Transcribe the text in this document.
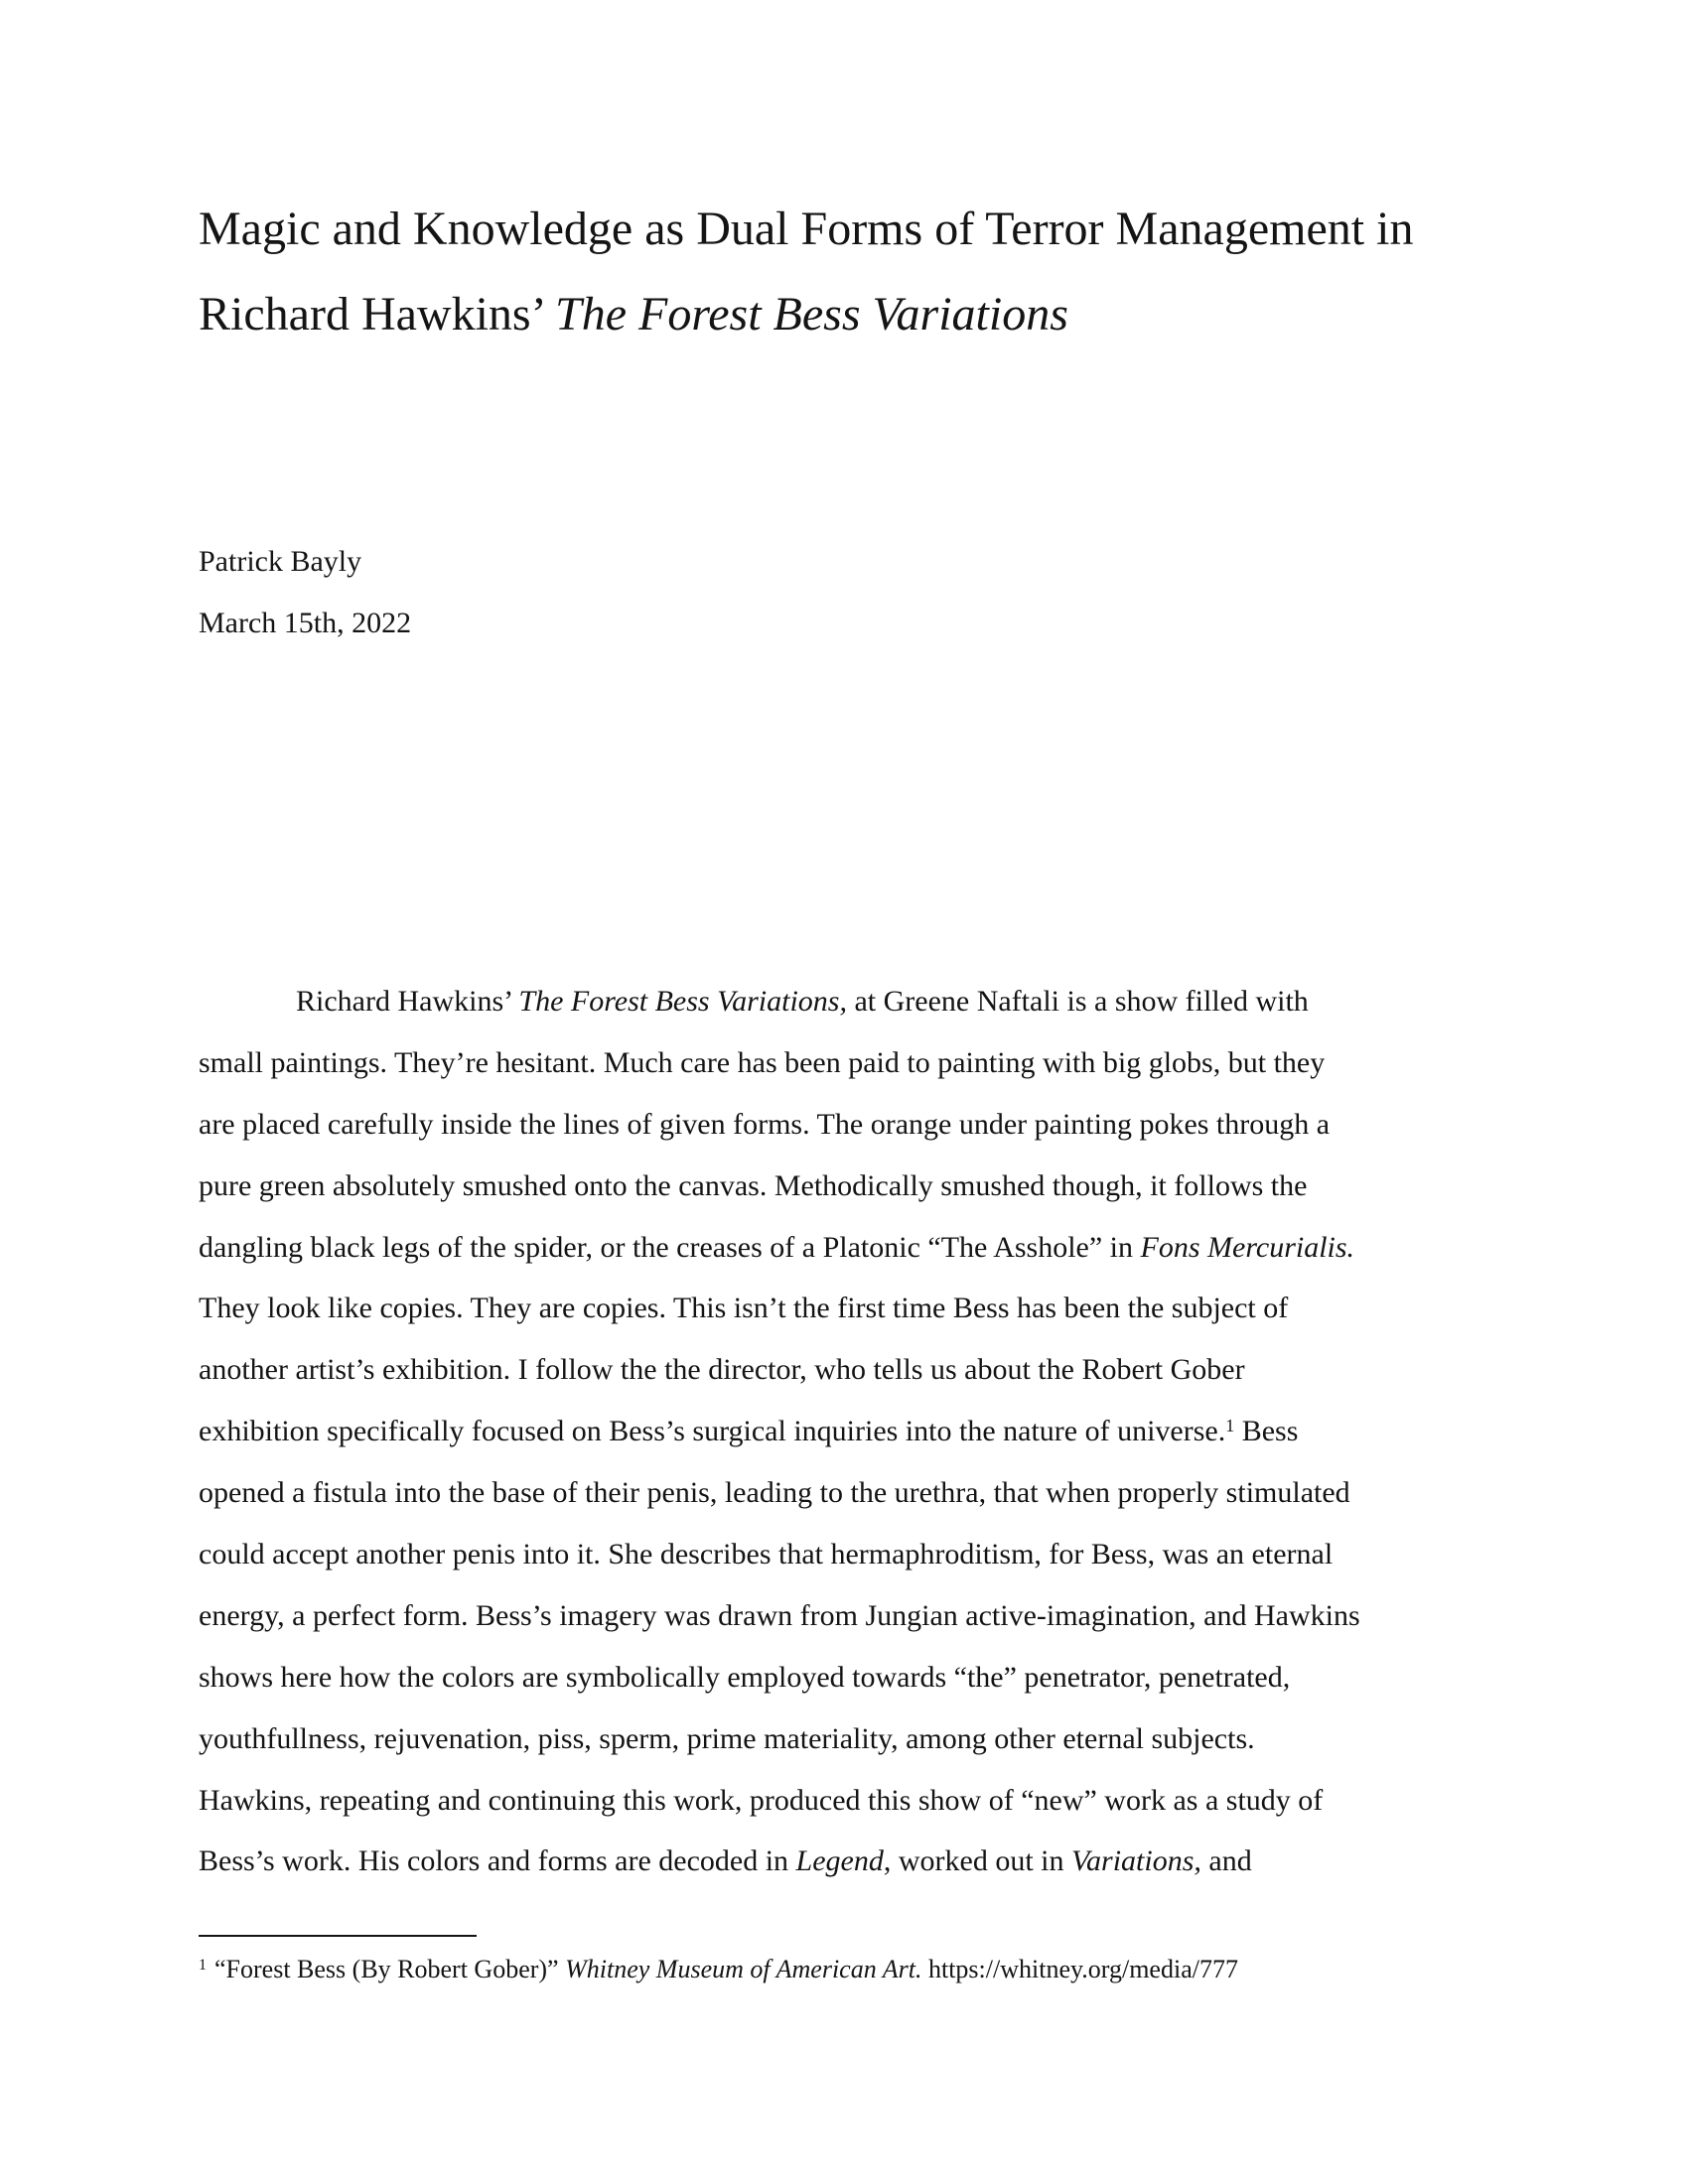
Magic and Knowledge as Dual Forms of Terror Management in
Richard Hawkins’ The Forest Bess Variations

Patrick Bayly

March 15th, 2022

Richard Hawkins’ The Forest Bess Variations, at Greene Naftali is a show filled with
small paintings. They’re hesitant. Much care has been paid to painting with big globs, but they
are placed carefully inside the lines of given forms. The orange under painting pokes through a
pure green absolutely smushed onto the canvas. Methodically smushed though, it follows the
dangling black legs of the spider, or the creases of a Platonic “The Asshole” in Fons Mercurialis.
They look like copies. They are copies. This isn’t the first time Bess has been the subject of
another artist’s exhibition. I follow the the director, who tells us about the Robert Gober
exhibition specifically focused on Bess’s surgical inquiries into the nature of universe.$^1$ Bess
opened a fistula into the base of their penis, leading to the urethra, that when properly stimulated
could accept another penis into it. She describes that hermaphroditism, for Bess, was an eternal
energy, a perfect form. Bess’s imagery was drawn from Jungian active-imagination, and Hawkins
shows here how the colors are symbolically employed towards “the” penetrator, penetrated,
youthfullness, rejuvenation, piss, sperm, prime materiality, among other eternal subjects.
Hawkins, repeating and continuing this work, produced this show of “new” work as a study of
Bess’s work. His colors and forms are decoded in Legend, worked out in Variations, and

$^1$ “Forest Bess (By Robert Gober)” Whitney Museum of American Art. https://whitney.org/media/777
